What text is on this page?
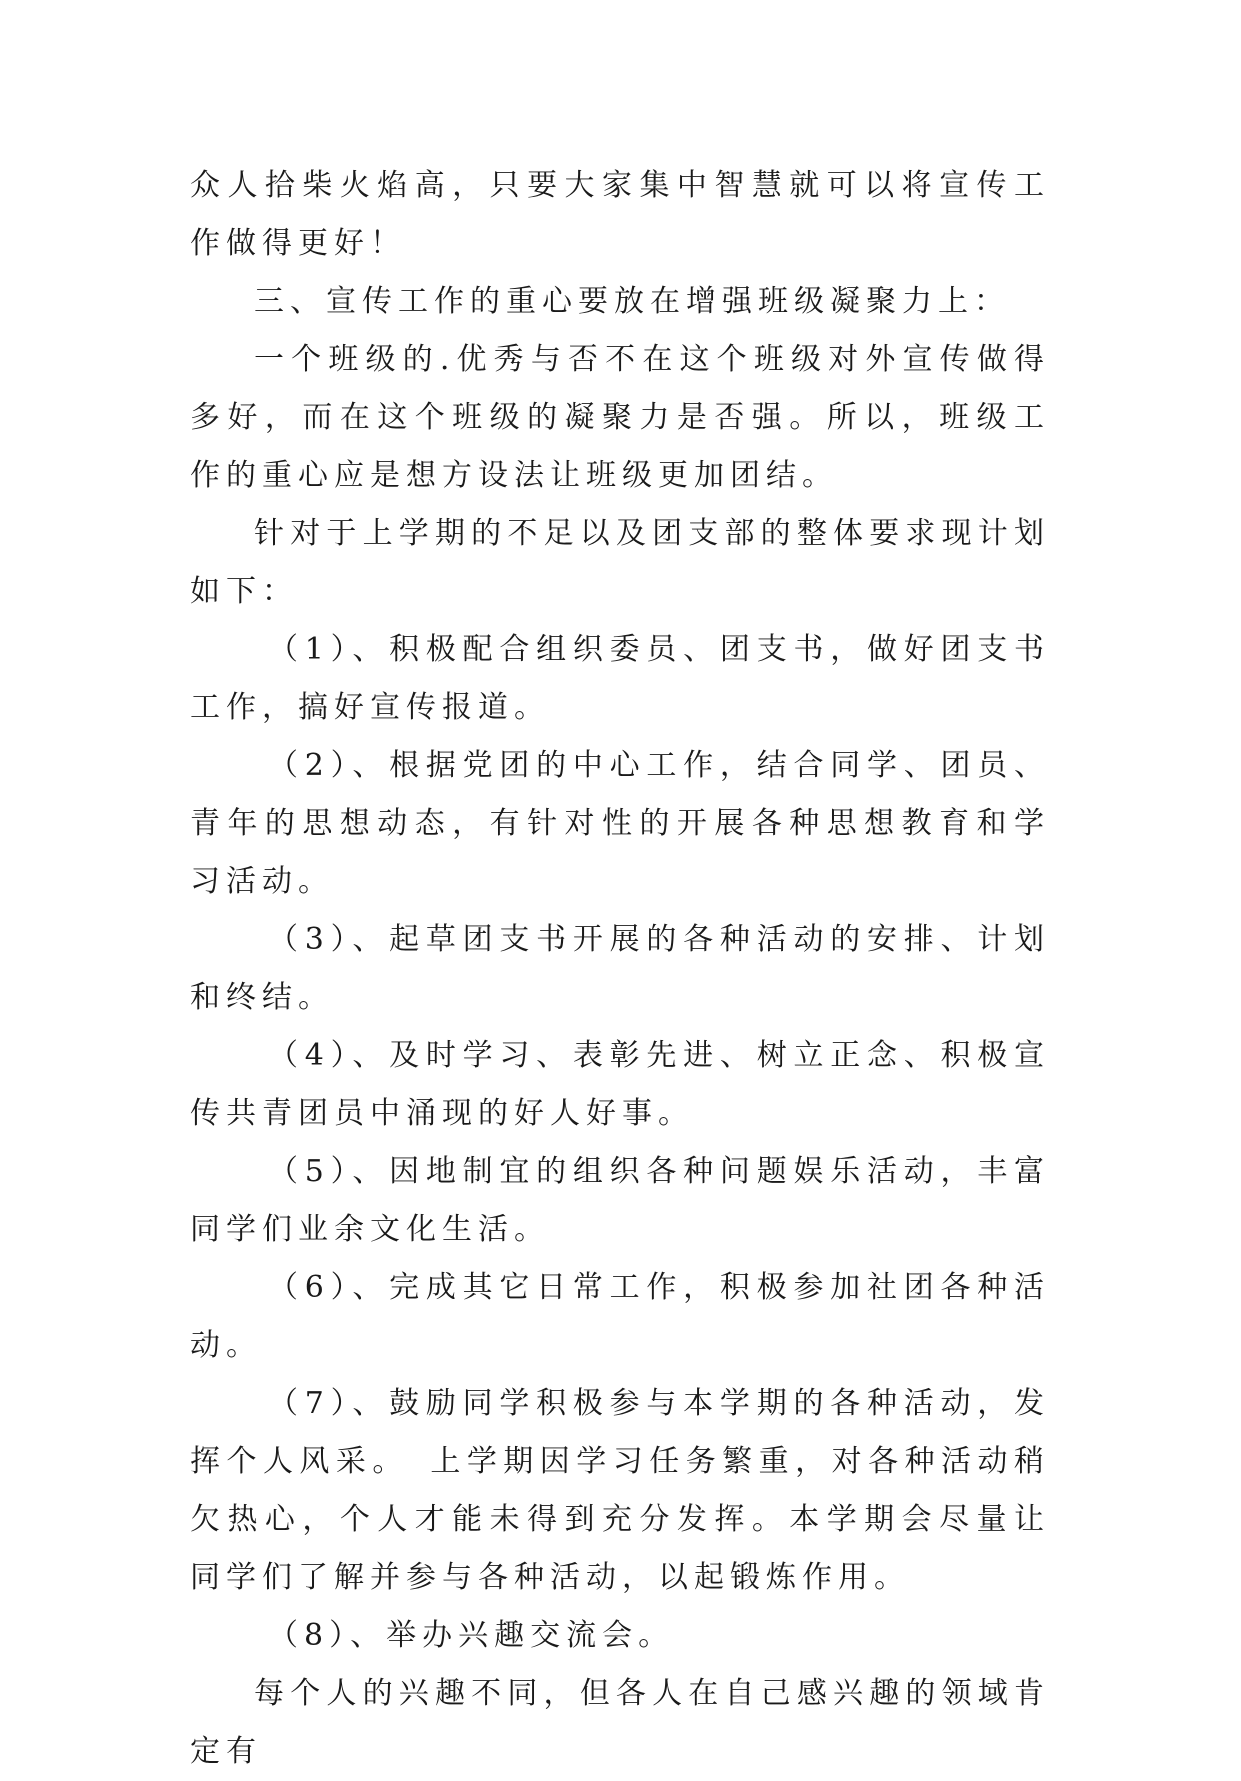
众人拾柴火焰高，只要大家集中智慧就可以将宣传工作做得更好！

三、宣传工作的重心要放在增强班级凝聚力上：

一个班级的.优秀与否不在这个班级对外宣传做得多好，而在这个班级的凝聚力是否强。所以，班级工作的重心应是想方设法让班级更加团结。

针对于上学期的不足以及团支部的整体要求现计划如下：

（1）、积极配合组织委员、团支书，做好团支书工作，搞好宣传报道。

（2）、根据党团的中心工作，结合同学、团员、青年的思想动态，有针对性的开展各种思想教育和学习活动。

（3）、起草团支书开展的各种活动的安排、计划和终结。

（4）、及时学习、表彰先进、树立正念、积极宣传共青团员中涌现的好人好事。

（5）、因地制宜的组织各种问题娱乐活动，丰富同学们业余文化生活。

（6）、完成其它日常工作，积极参加社团各种活动。

（7）、鼓励同学积极参与本学期的各种活动，发挥个人风采。　上学期因学习任务繁重，对各种活动稍欠热心，个人才能未得到充分发挥。本学期会尽量让同学们了解并参与各种活动，以起锻炼作用。

（8）、举办兴趣交流会。

每个人的兴趣不同，但各人在自己感兴趣的领域肯定有
